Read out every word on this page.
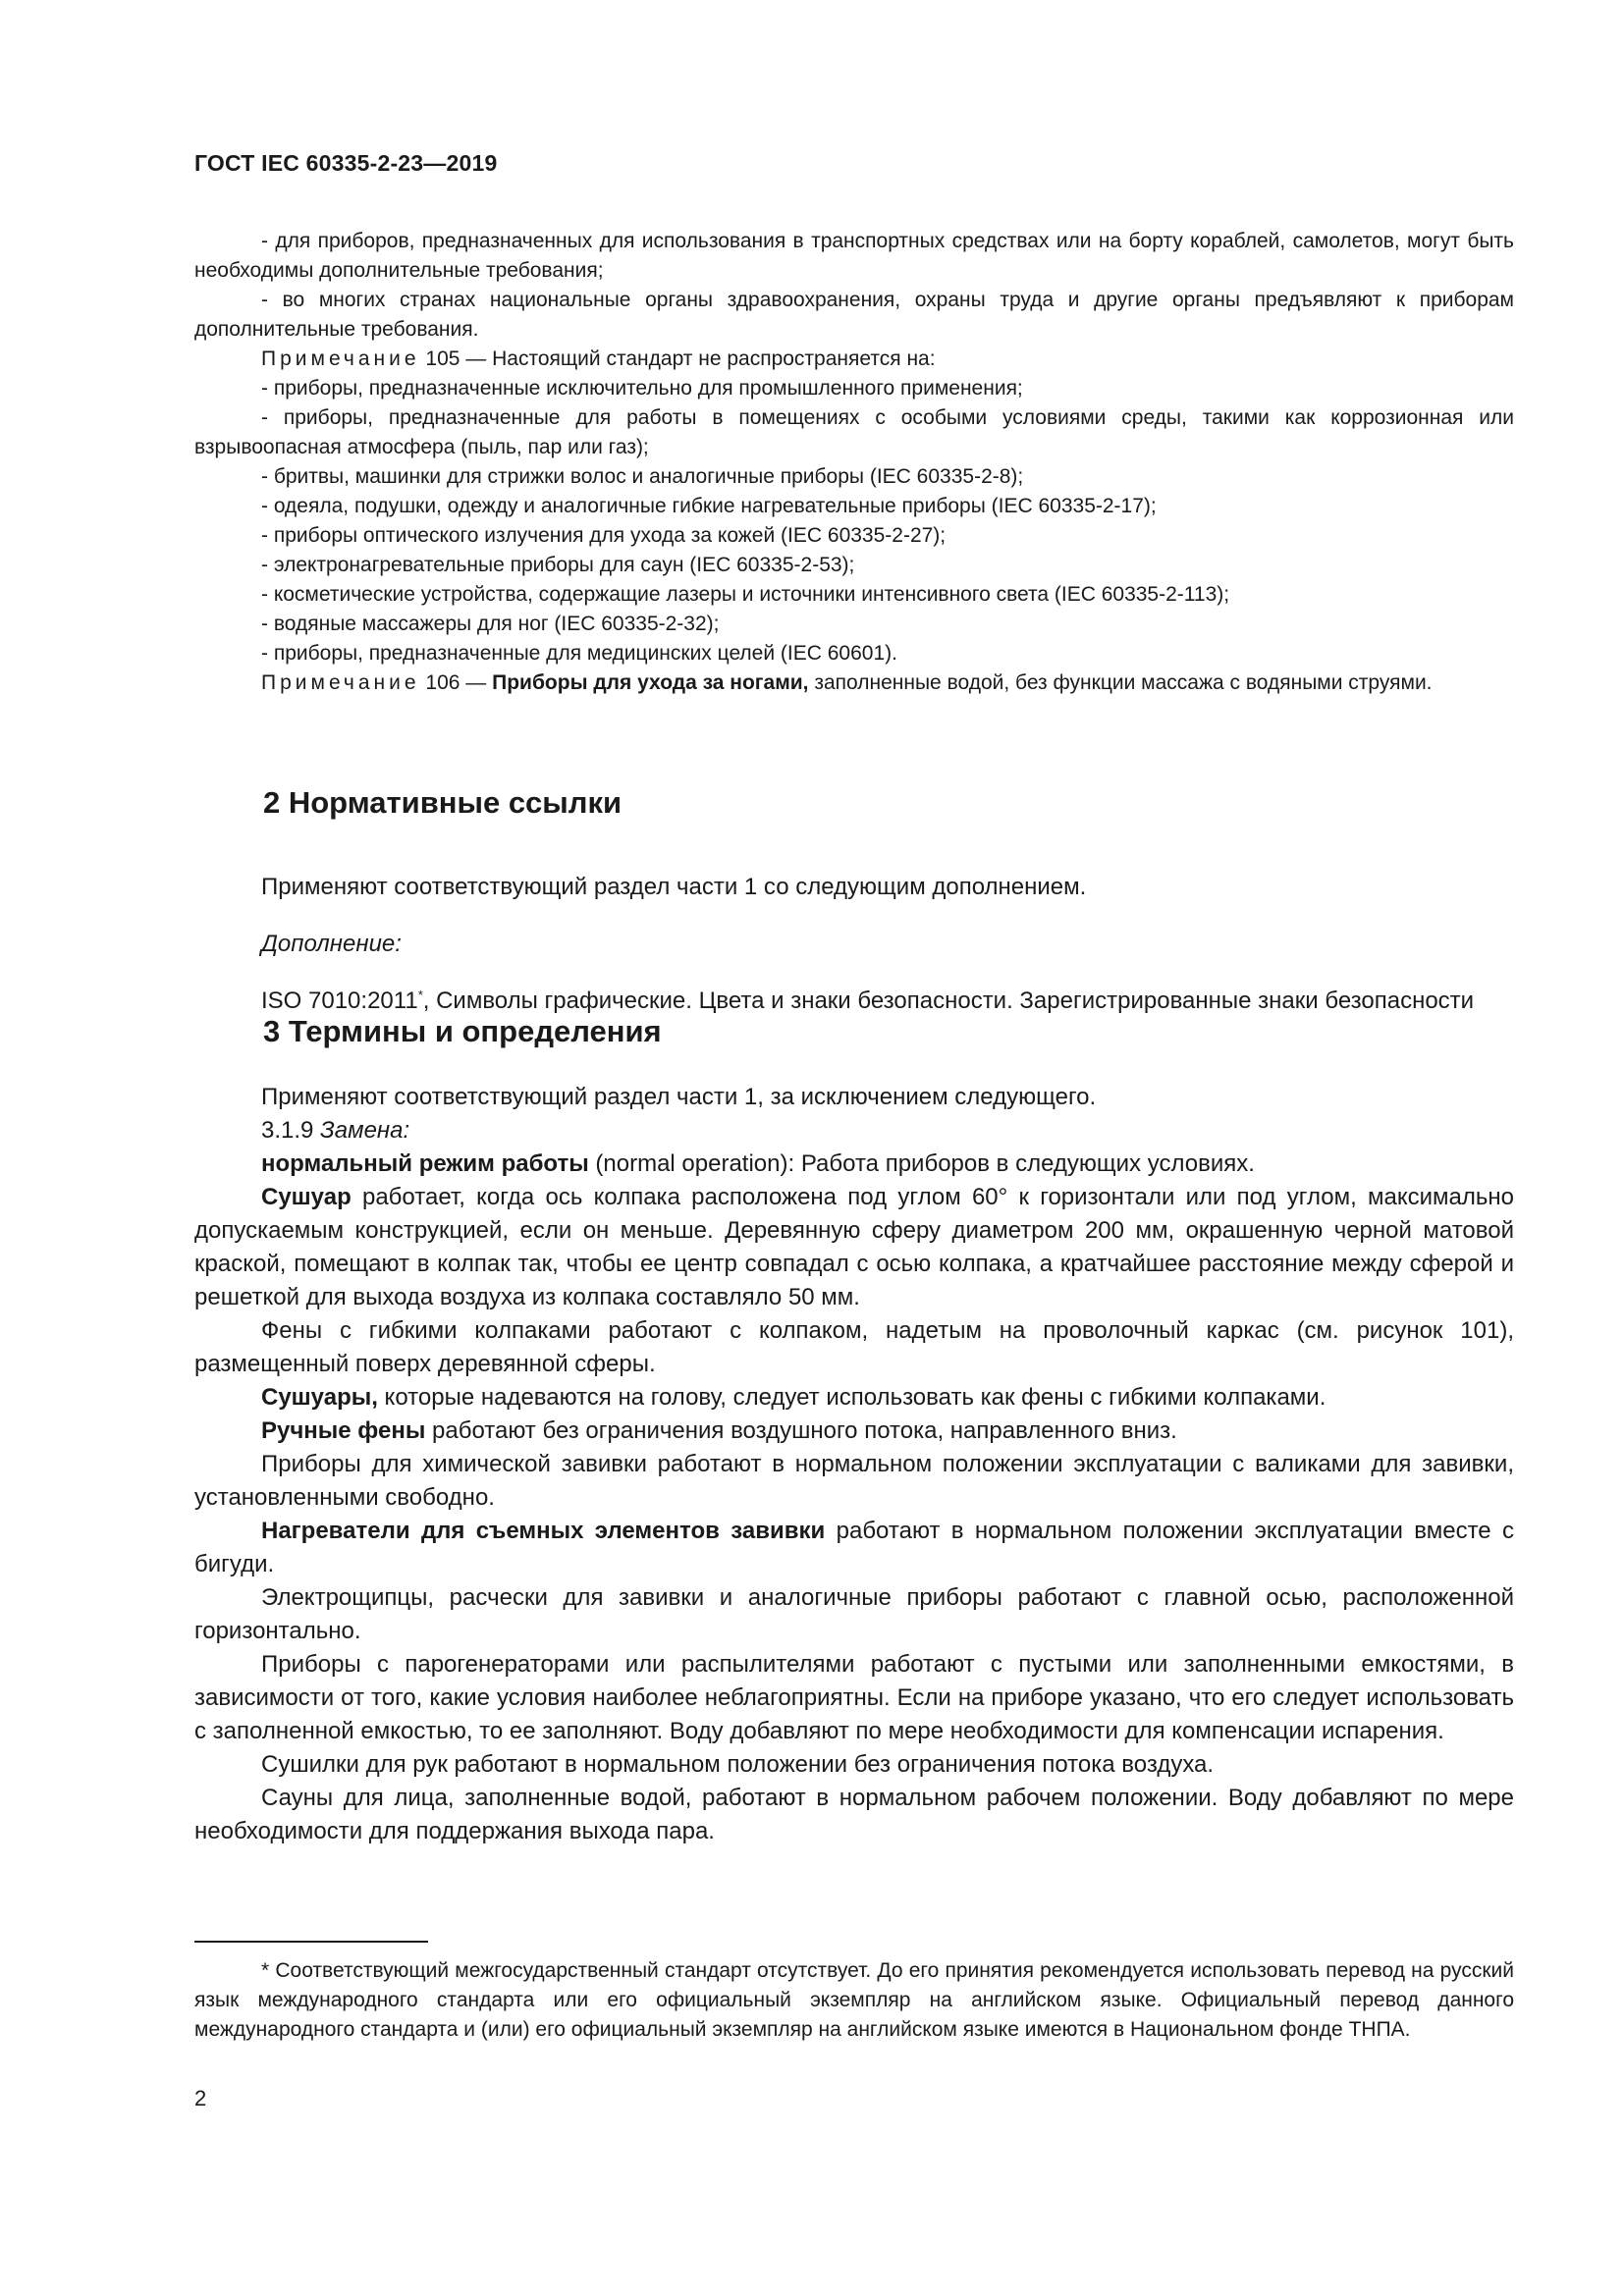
ГОСТ IEC 60335-2-23—2019

- для приборов, предназначенных для использования в транспортных средствах или на борту кораблей, самолетов, могут быть необходимы дополнительные требования;

- во многих странах национальные органы здравоохранения, охраны труда и другие органы предъявляют к приборам дополнительные требования.

Примечание 105 — Настоящий стандарт не распространяется на:

- приборы, предназначенные исключительно для промышленного применения;

- приборы, предназначенные для работы в помещениях с особыми условиями среды, такими как коррозионная или взрывоопасная атмосфера (пыль, пар или газ);

- бритвы, машинки для стрижки волос и аналогичные приборы (IEC 60335-2-8);

- одеяла, подушки, одежду и аналогичные гибкие нагревательные приборы (IEC 60335-2-17);

- приборы оптического излучения для ухода за кожей (IEC 60335-2-27);

- электронагревательные приборы для саун (IEC 60335-2-53);

- косметические устройства, содержащие лазеры и источники интенсивного света (IEC 60335-2-113);

- водяные массажеры для ног (IEC 60335-2-32);

- приборы, предназначенные для медицинских целей (IEC 60601).

Примечание 106 — Приборы для ухода за ногами, заполненные водой, без функции массажа с водяными струями.

2 Нормативные ссылки

Применяют соответствующий раздел части 1 со следующим дополнением.

Дополнение:

ISO 7010:2011*, Символы графические. Цвета и знаки безопасности. Зарегистрированные знаки безопасности

3 Термины и определения

Применяют соответствующий раздел части 1, за исключением следующего.

3.1.9 Замена:

нормальный режим работы (normal operation): Работа приборов в следующих условиях.

Сушуар работает, когда ось колпака расположена под углом 60° к горизонтали или под углом, максимально допускаемым конструкцией, если он меньше. Деревянную сферу диаметром 200 мм, окрашенную черной матовой краской, помещают в колпак так, чтобы ее центр совпадал с осью колпака, а кратчайшее расстояние между сферой и решеткой для выхода воздуха из колпака составляло 50 мм.

Фены с гибкими колпаками работают с колпаком, надетым на проволочный каркас (см. рисунок 101), размещенный поверх деревянной сферы.

Сушуары, которые надеваются на голову, следует использовать как фены с гибкими колпаками.

Ручные фены работают без ограничения воздушного потока, направленного вниз.

Приборы для химической завивки работают в нормальном положении эксплуатации с валиками для завивки, установленными свободно.

Нагреватели для съемных элементов завивки работают в нормальном положении эксплуатации вместе с бигуди.

Электрощипцы, расчески для завивки и аналогичные приборы работают с главной осью, расположенной горизонтально.

Приборы с парогенераторами или распылителями работают с пустыми или заполненными емкостями, в зависимости от того, какие условия наиболее неблагоприятны. Если на приборе указано, что его следует использовать с заполненной емкостью, то ее заполняют. Воду добавляют по мере необходимости для компенсации испарения.

Сушилки для рук работают в нормальном положении без ограничения потока воздуха.

Сауны для лица, заполненные водой, работают в нормальном рабочем положении. Воду добавляют по мере необходимости для поддержания выхода пара.

* Соответствующий межгосударственный стандарт отсутствует. До его принятия рекомендуется использовать перевод на русский язык международного стандарта или его официальный экземпляр на английском языке. Официальный перевод данного международного стандарта и (или) его официальный экземпляр на английском языке имеются в Национальном фонде ТНПА.

2
